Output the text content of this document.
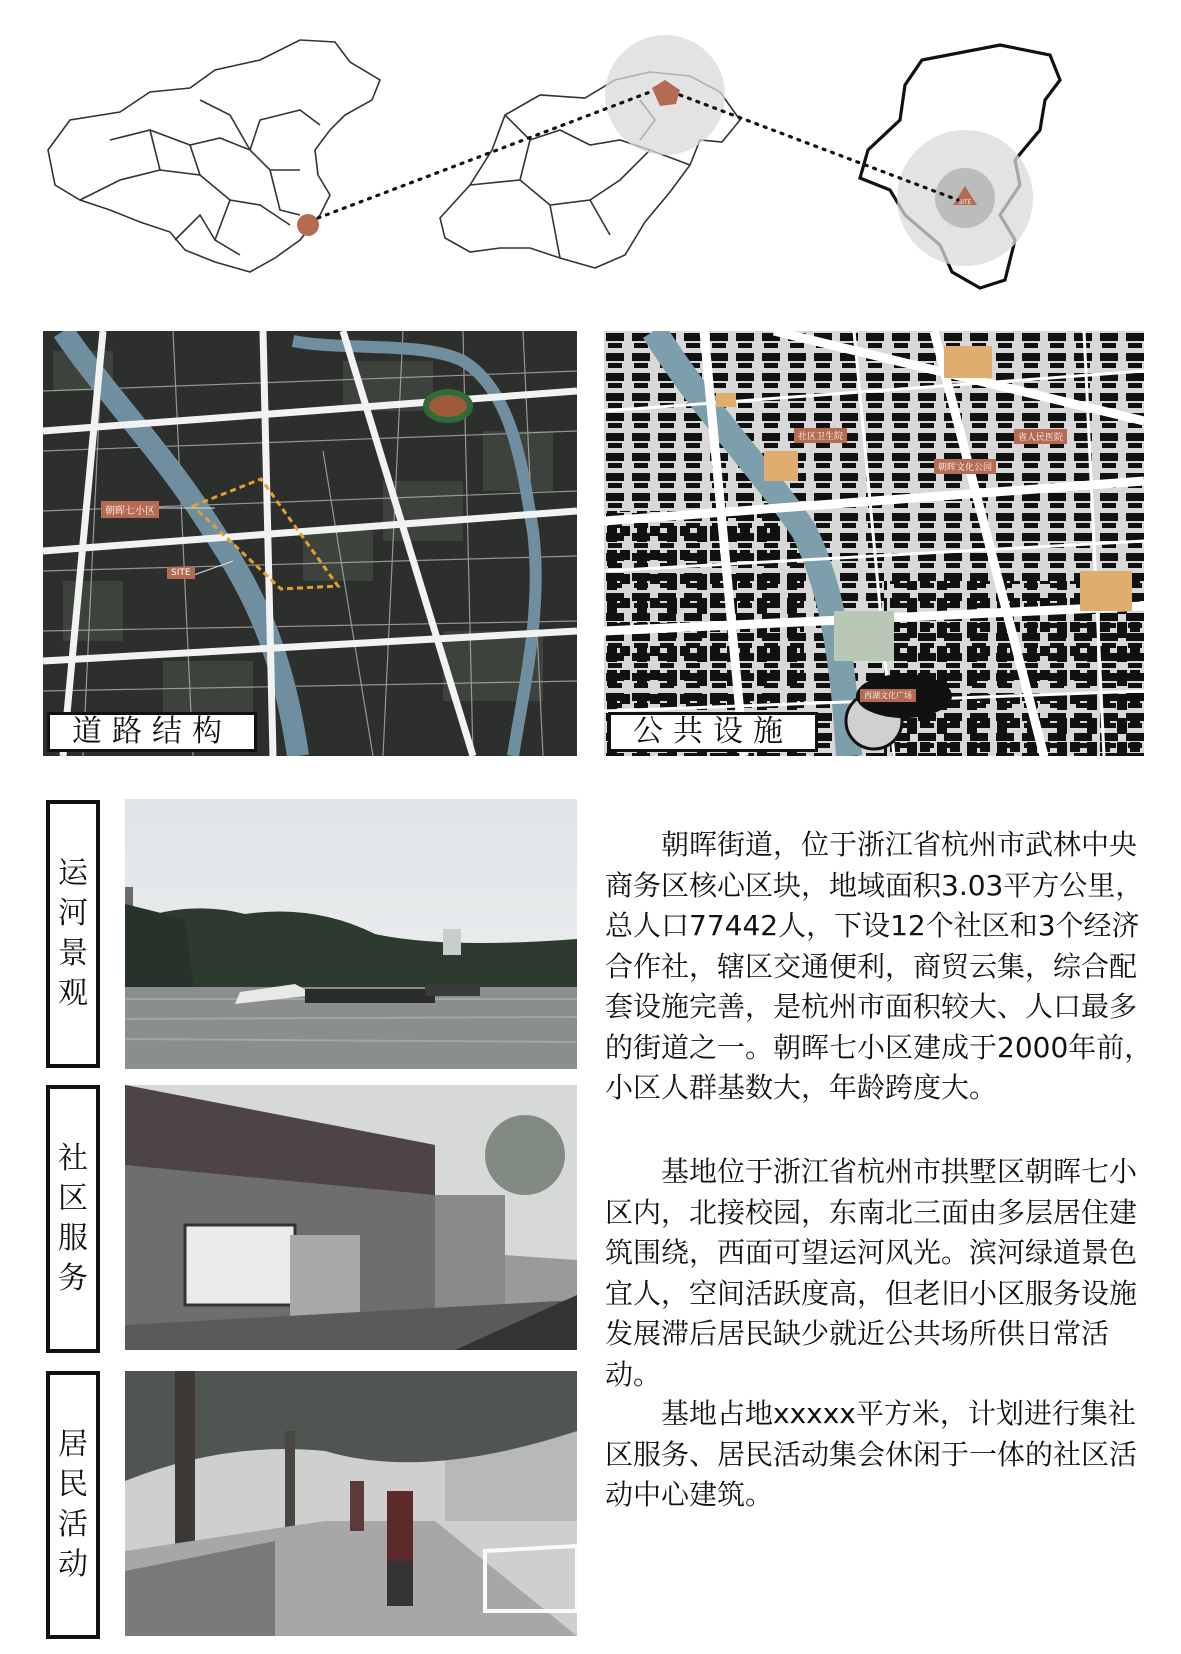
SITE
朝晖七小区
SITE
道路结构
社区卫生院	省人民医院
朝晖文化公园
西湖文化广场
公共设施
运
河
景
观
社
区
服
务
居
民
活
动

朝晖街道，位于浙江省杭州市武林中央商务区核心区块，地域面积3.03平方公里，总人口77442人，下设12个社区和3个经济合作社，辖区交通便利，商贸云集，综合配套设施完善，是杭州市面积较大、人口最多的街道之一。朝晖七小区建成于2000年前，小区人群基数大，年龄跨度大。

基地位于浙江省杭州市拱墅区朝晖七小区内，北接校园，东南北三面由多层居住建筑围绕，西面可望运河风光。滨河绿道景色宜人，空间活跃度高，但老旧小区服务设施发展滞后居民缺少就近公共场所供日常活动。

基地占地xxxxx平方米，计划进行集社区服务、居民活动集会休闲于一体的社区活动中心建筑。
